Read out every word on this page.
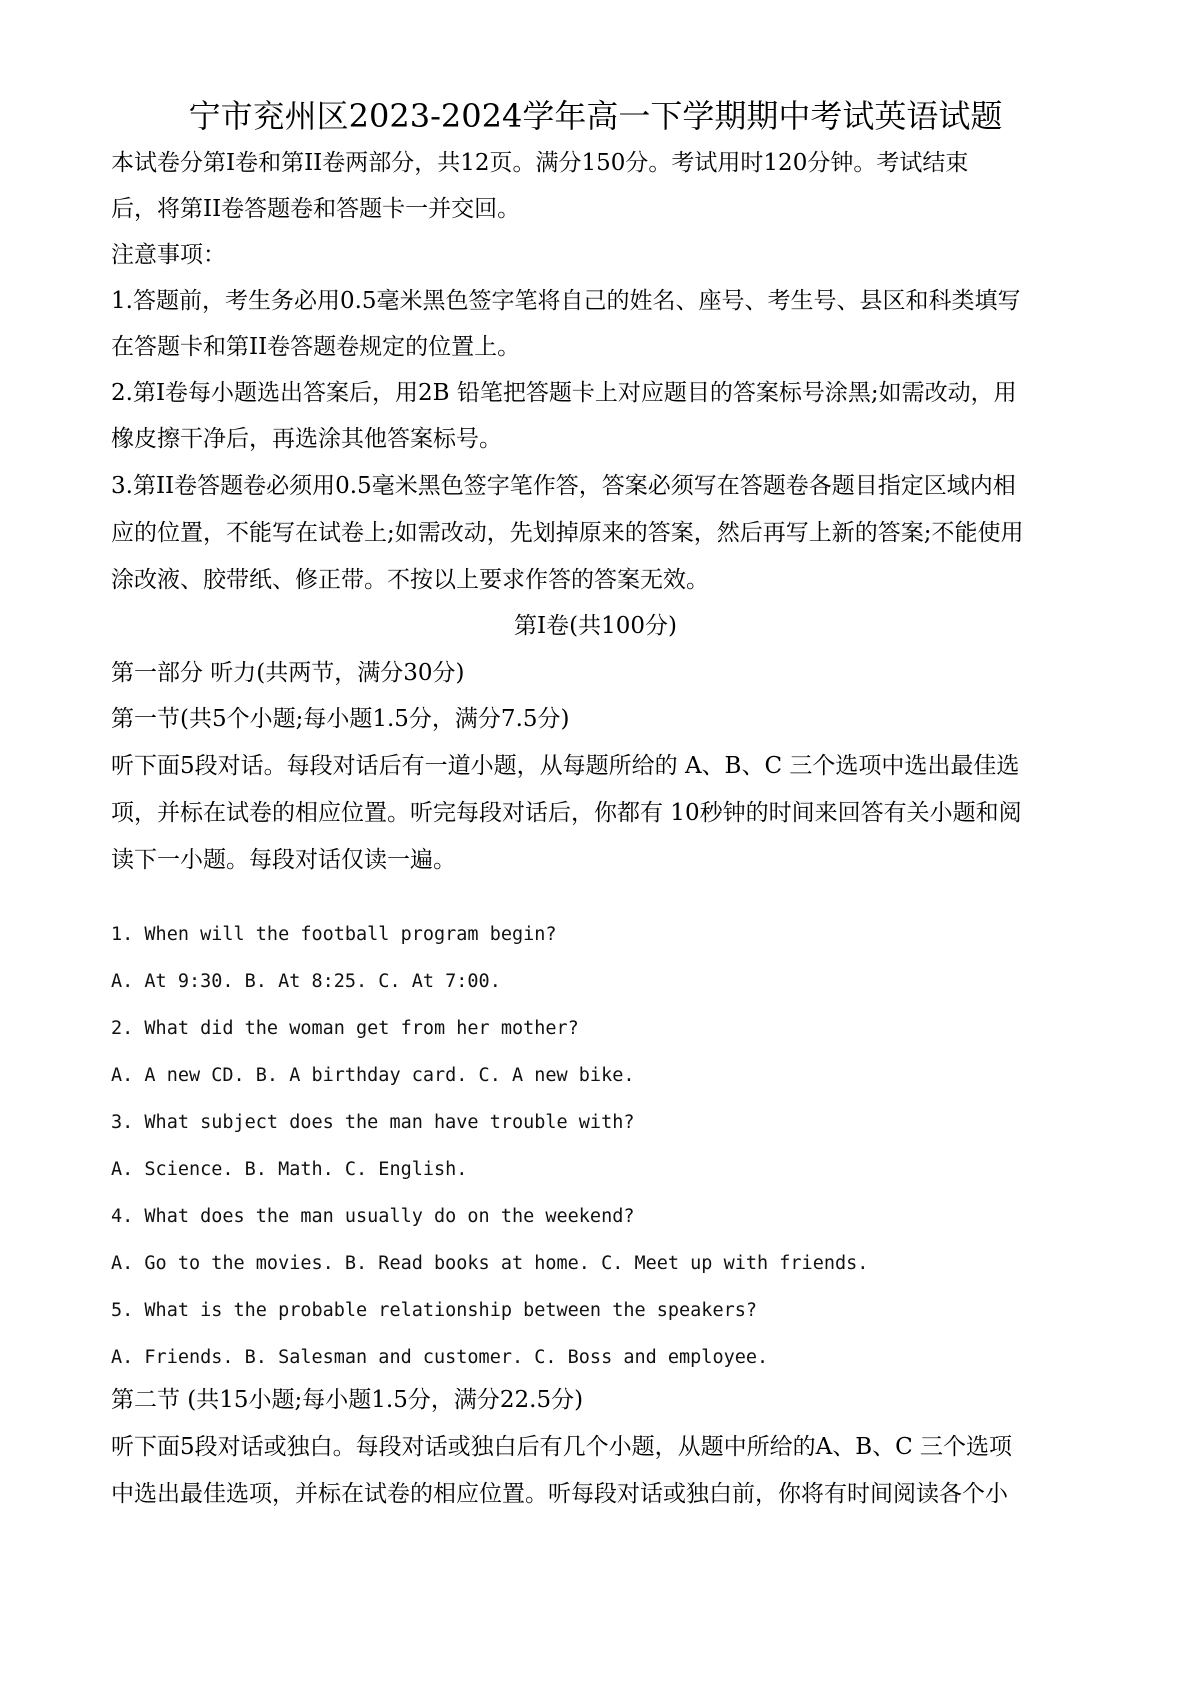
宁市兖州区2023-2024学年高一下学期期中考试英语试题
本试卷分第I卷和第II卷两部分，共12页。满分150分。考试用时120分钟。考试结束
后，将第II卷答题卷和答题卡一并交回。
注意事项：
1.答题前，考生务必用0.5毫米黑色签字笔将自己的姓名、座号、考生号、县区和科类填写
在答题卡和第II卷答题卷规定的位置上。
2.第I卷每小题选出答案后，用2B 铅笔把答题卡上对应题目的答案标号涂黑;如需改动，用
橡皮擦干净后，再选涂其他答案标号。
3.第II卷答题卷必须用0.5毫米黑色签字笔作答，答案必须写在答题卷各题目指定区域内相
应的位置，不能写在试卷上;如需改动，先划掉原来的答案，然后再写上新的答案;不能使用
涂改液、胶带纸、修正带。不按以上要求作答的答案无效。
第I卷(共100分)
第一部分 听力(共两节，满分30分)
第一节(共5个小题;每小题1.5分，满分7.5分)
听下面5段对话。每段对话后有一道小题，从每题所给的 A、B、C 三个选项中选出最佳选
项，并标在试卷的相应位置。听完每段对话后，你都有 10秒钟的时间来回答有关小题和阅
读下一小题。每段对话仅读一遍。
1. When will the football program begin?
A. At 9:30. B. At 8:25. C. At 7:00.
2. What did the woman get from her mother?
A. A new CD. B. A birthday card. C. A new bike.
3. What subject does the man have trouble with?
A. Science. B. Math. C. English.
4. What does the man usually do on the weekend?
A. Go to the movies. B. Read books at home. C. Meet up with friends.
5. What is the probable relationship between the speakers?
A. Friends. B. Salesman and customer. C. Boss and employee.
第二节 (共15小题;每小题1.5分，满分22.5分)
听下面5段对话或独白。每段对话或独白后有几个小题，从题中所给的A、B、C 三个选项
中选出最佳选项，并标在试卷的相应位置。听每段对话或独白前，你将有时间阅读各个小
